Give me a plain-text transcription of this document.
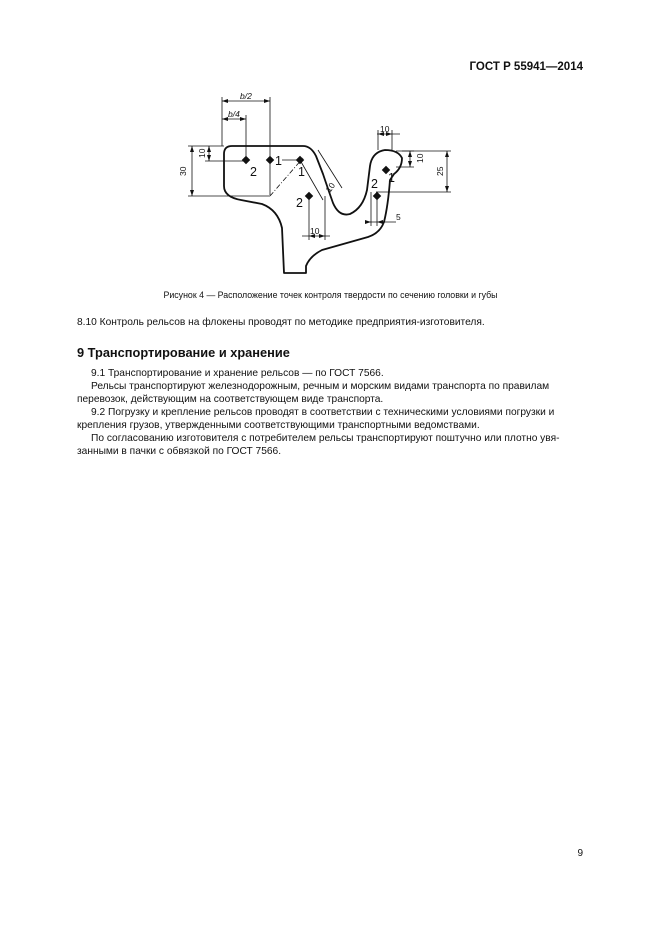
ГОСТ Р 55941—2014
b/2
b/4
30
10
10
10
10
10
25
5
2
1
1
2
2 1
Рисунок 4 — Расположение точек контроля твердости по сечению головки и губы
8.10 Контроль рельсов на флокены проводят по методике предприятия-изготовителя.
9 Транспортирование и хранение
9.1 Транспортирование и хранение рельсов — по ГОСТ 7566.
Рельсы транспортируют железнодорожным, речным и морским видами транспорта по правилам
перевозок, действующим на соответствующем виде транспорта.
9.2 Погрузку и крепление рельсов проводят в соответствии с техническими условиями погрузки и
крепления грузов, утвержденными соответствующими транспортными ведомствами.
По согласованию изготовителя с потребителем рельсы транспортируют поштучно или плотно увя-
занными в пачки с обвязкой по ГОСТ 7566.
9
